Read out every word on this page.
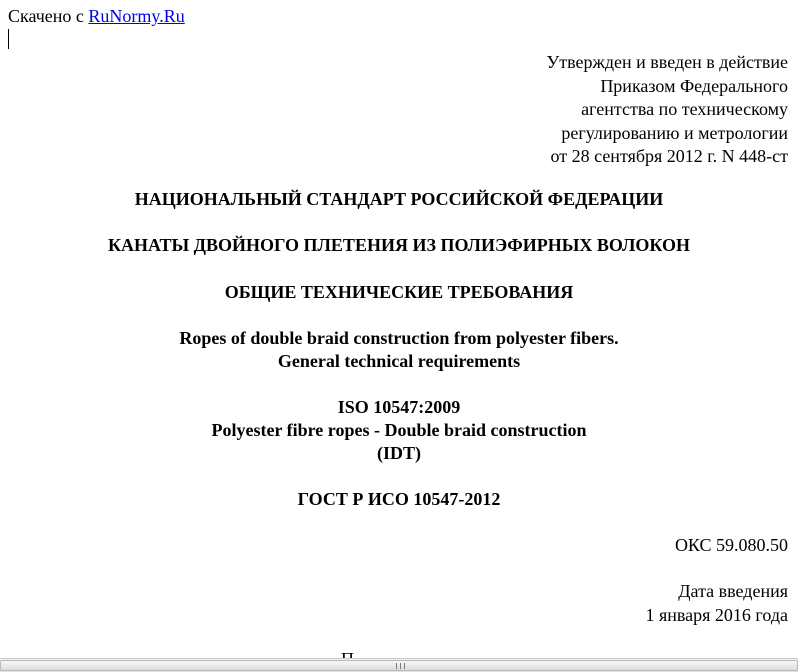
Скачено с RuNormy.Ru
Утвержден и введен в действие
Приказом Федерального
агентства по техническому
регулированию и метрологии
от 28 сентября 2012 г. N 448-ст
НАЦИОНАЛЬНЫЙ СТАНДАРТ РОССИЙСКОЙ ФЕДЕРАЦИИ
КАНАТЫ ДВОЙНОГО ПЛЕТЕНИЯ ИЗ ПОЛИЭФИРНЫХ ВОЛОКОН
ОБЩИЕ ТЕХНИЧЕСКИЕ ТРЕБОВАНИЯ
Ropes of double braid construction from polyester fibers.
General technical requirements
ISO 10547:2009
Polyester fibre ropes - Double braid construction
(IDT)
ГОСТ Р ИСО 10547-2012
ОКС 59.080.50
Дата введения
1 января 2016 года
